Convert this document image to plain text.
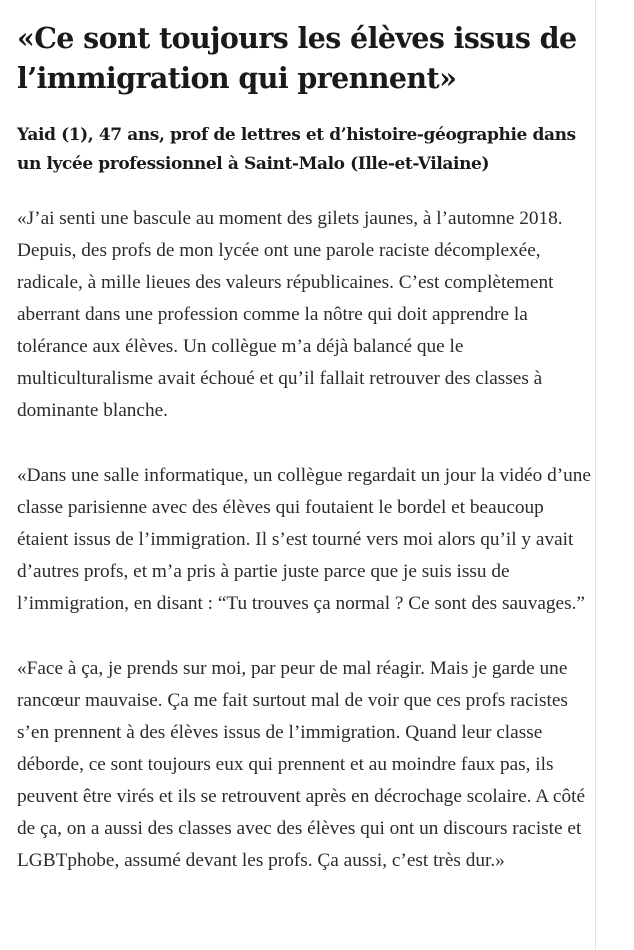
«Ce sont toujours les élèves issus de l’immigration qui prennent»
Yaid (1), 47 ans, prof de lettres et d’histoire-géographie dans un lycée professionnel à Saint-Malo (Ille-et-Vilaine)

«J’ai senti une bascule au moment des gilets jaunes, à l’automne 2018. Depuis, des profs de mon lycée ont une parole raciste décomplexée, radicale, à mille lieues des valeurs républicaines. C’est complètement aberrant dans une profession comme la nôtre qui doit apprendre la tolérance aux élèves. Un collègue m’a déjà balancé que le multiculturalisme avait échoué et qu’il fallait retrouver des classes à dominante blanche.

«Dans une salle informatique, un collègue regardait un jour la vidéo d’une classe parisienne avec des élèves qui foutaient le bordel et beaucoup étaient issus de l’immigration. Il s’est tourné vers moi alors qu’il y avait d’autres profs, et m’a pris à partie juste parce que je suis issu de l’immigration, en disant : “Tu trouves ça normal ? Ce sont des sauvages.”

«Face à ça, je prends sur moi, par peur de mal réagir. Mais je garde une rancœur mauvaise. Ça me fait surtout mal de voir que ces profs racistes s’en prennent à des élèves issus de l’immigration. Quand leur classe déborde, ce sont toujours eux qui prennent et au moindre faux pas, ils peuvent être virés et ils se retrouvent après en décrochage scolaire. A côté de ça, on a aussi des classes avec des élèves qui ont un discours raciste et LGBTphobe, assumé devant les profs. Ça aussi, c’est très dur.»
